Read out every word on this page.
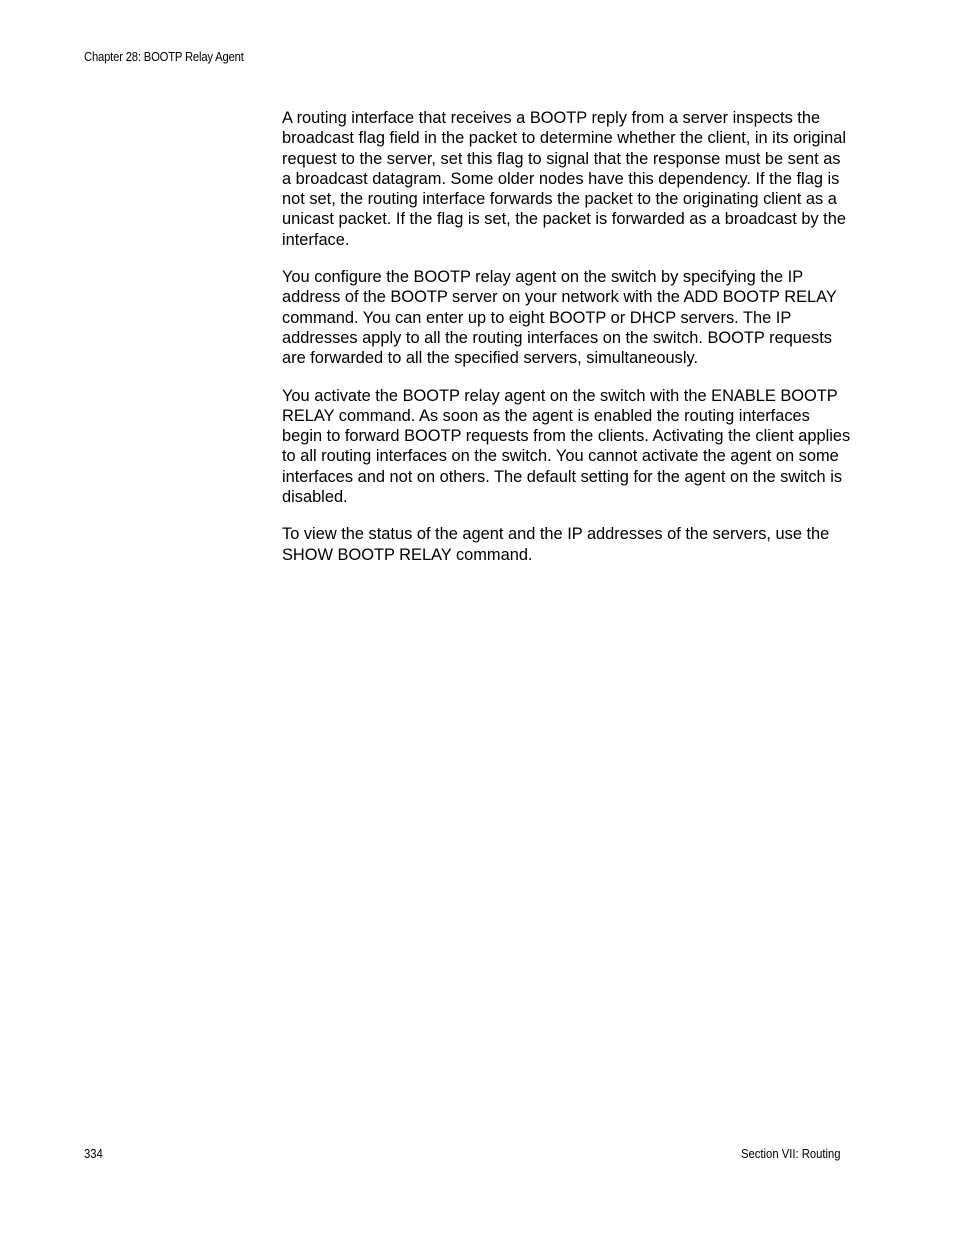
Chapter 28: BOOTP Relay Agent

A routing interface that receives a BOOTP reply from a server inspects the broadcast flag field in the packet to determine whether the client, in its original request to the server, set this flag to signal that the response must be sent as a broadcast datagram. Some older nodes have this dependency. If the flag is not set, the routing interface forwards the packet to the originating client as a unicast packet. If the flag is set, the packet is forwarded as a broadcast by the interface.

You configure the BOOTP relay agent on the switch by specifying the IP address of the BOOTP server on your network with the ADD BOOTP RELAY command. You can enter up to eight BOOTP or DHCP servers. The IP addresses apply to all the routing interfaces on the switch. BOOTP requests are forwarded to all the specified servers, simultaneously.

You activate the BOOTP relay agent on the switch with the ENABLE BOOTP RELAY command. As soon as the agent is enabled the routing interfaces begin to forward BOOTP requests from the clients. Activating the client applies to all routing interfaces on the switch. You cannot activate the agent on some interfaces and not on others. The default setting for the agent on the switch is disabled.

To view the status of the agent and the IP addresses of the servers, use the SHOW BOOTP RELAY command.

334	Section VII: Routing
